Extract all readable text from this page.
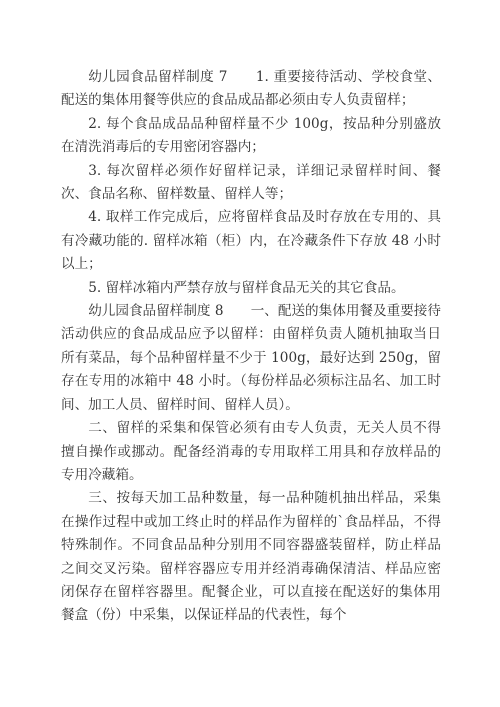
幼儿园食品留样制度 7　　1. 重要接待活动、学校食堂、配送的集体用餐等供应的食品成品都必须由专人负责留样；

2. 每个食品成品品种留样量不少 100g，按品种分别盛放在清洗消毒后的专用密闭容器内；

3. 每次留样必须作好留样记录，详细记录留样时间、餐次、食品名称、留样数量、留样人等；

4. 取样工作完成后，应将留样食品及时存放在专用的、具有冷藏功能的. 留样冰箱（柜）内，在冷藏条件下存放 48 小时以上；

5. 留样冰箱内严禁存放与留样食品无关的其它食品。

幼儿园食品留样制度 8　　一、配送的集体用餐及重要接待活动供应的食品成品应予以留样：由留样负责人随机抽取当日所有菜品，每个品种留样量不少于 100g，最好达到 250g，留存在专用的冰箱中 48 小时。（每份样品必须标注品名、加工时间、加工人员、留样时间、留样人员）。

二、留样的采集和保管必须有由专人负责，无关人员不得擅自操作或挪动。配备经消毒的专用取样工用具和存放样品的专用冷藏箱。

三、按每天加工品种数量，每一品种随机抽出样品，采集在操作过程中或加工终止时的样品作为留样的`食品样品，不得特殊制作。不同食品品种分别用不同容器盛装留样，防止样品之间交叉污染。留样容器应专用并经消毒确保清洁、样品应密闭保存在留样容器里。配餐企业，可以直接在配送好的集体用餐盒（份）中采集，以保证样品的代表性，每个
